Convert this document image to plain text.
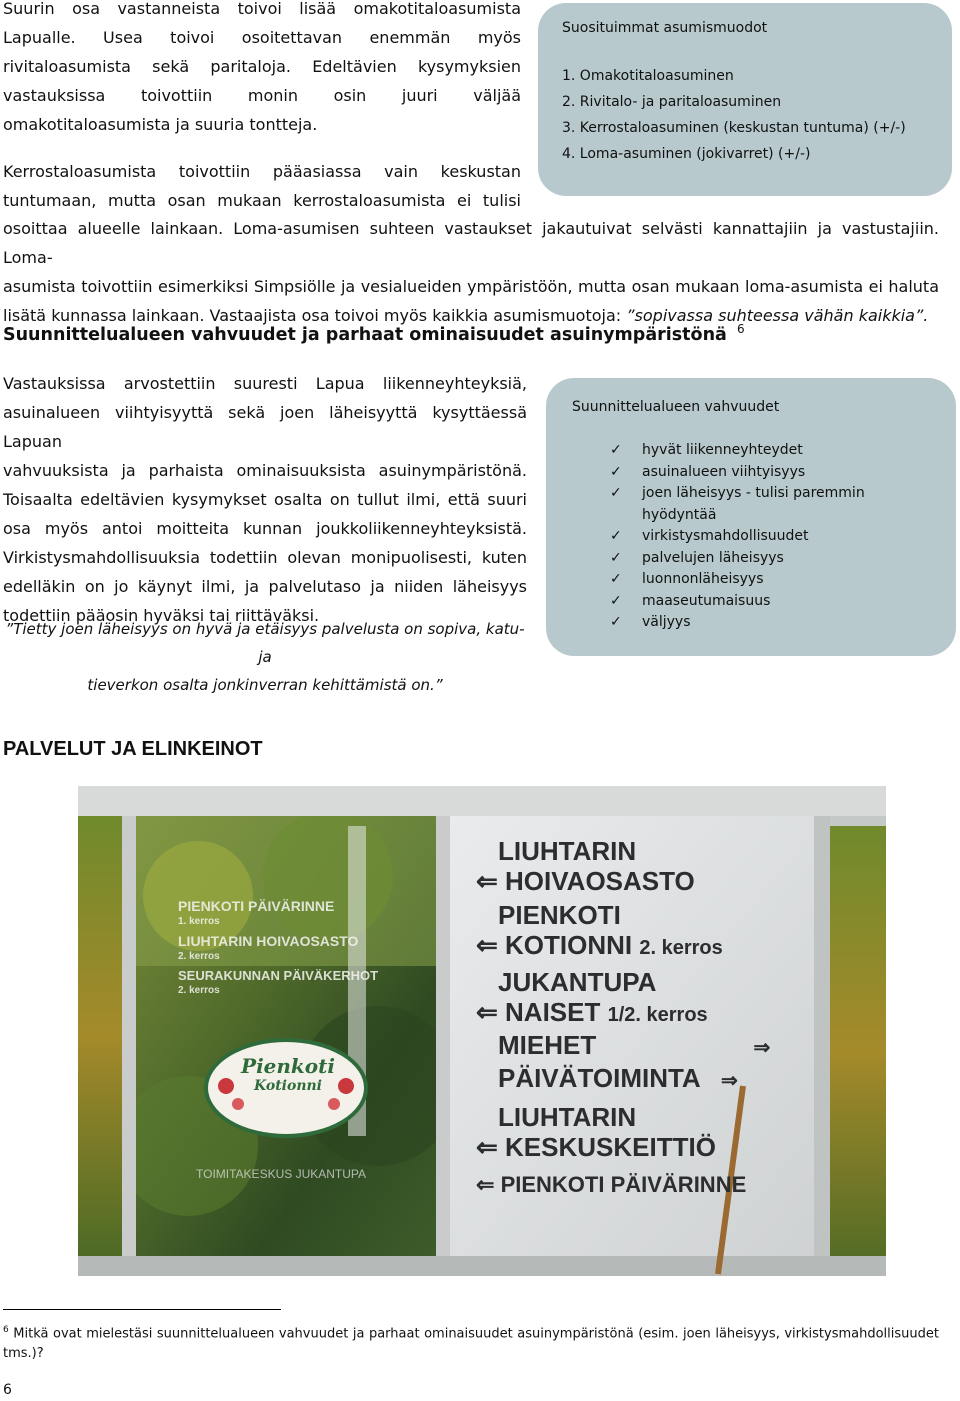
Suurin osa vastanneista toivoi lisää omakotitaloasumista
Lapualle. Usea toivoi osoitettavan enemmän myös
rivitaloasumista sekä paritaloja. Edeltävien kysymyksien
vastauksissa toivottiin monin osin juuri väljää
omakotitaloasumista ja suuria tontteja.
Kerrostaloasumista toivottiin pääasiassa vain keskustan
tuntumaan, mutta osan mukaan kerrostaloasumista ei tulisi
osoittaa alueelle lainkaan. Loma-asumisen suhteen vastaukset jakautuivat selvästi kannattajiin ja vastustajiin. Loma-
asumista toivottiin esimerkiksi Simpsiölle ja vesialueiden ympäristöön, mutta osan mukaan loma-asumista ei haluta
lisätä kunnassa lainkaan. Vastaajista osa toivoi myös kaikkia asumismuotoja: ”sopivassa suhteessa vähän kaikkia”.
Suosituimmat asumismuodot
1. Omakotitaloasuminen
2. Rivitalo- ja paritaloasuminen
3. Kerrostaloasuminen (keskustan tuntuma) (+/-)
4. Loma-asuminen (jokivarret) (+/-)
Suunnittelualueen vahvuudet ja parhaat ominaisuudet asuinympäristönä $^6$
Vastauksissa arvostettiin suuresti Lapua liikenneyhteyksiä,
asuinalueen viihtyisyyttä sekä joen läheisyyttä kysyttäessä Lapuan
vahvuuksista ja parhaista ominaisuuksista asuinympäristönä.
Toisaalta edeltävien kysymykset osalta on tullut ilmi, että suuri
osa myös antoi moitteita kunnan joukkoliikenneyhteyksistä.
Virkistysmahdollisuuksia todettiin olevan monipuolisesti, kuten
edelläkin on jo käynyt ilmi, ja palvelutaso ja niiden läheisyys
todettiin pääosin hyväksi tai riittäväksi.
”Tietty joen läheisyys on hyvä ja etäisyys palvelusta on sopiva, katu- ja
tieverkon osalta jonkinverran kehittämistä on.”
Suunnittelualueen vahvuudet
✓ hyvät liikenneyhteydet
✓ asuinalueen viihtyisyys
✓ joen läheisyys - tulisi paremmin hyödyntää
✓ virkistysmahdollisuudet
✓ palvelujen läheisyys
✓ luonnonläheisyys
✓ maaseutumaisuus
✓ väljyys
PALVELUT JA ELINKEINOT
PIENKOTI PÄIVÄRINNE
1. kerros
LIUHTARIN HOIVAOSASTO
2. kerros
SEURAKUNNAN PÄIVÄKERHOT
2. kerros
Pienkoti
Kotionni
TOIMITAKESKUS JUKANTUPA
LIUHTARIN
⇐ HOIVAOSASTO
PIENKOTI
⇐ KOTIONNI 2. kerros
JUKANTUPA
⇐ NAISET 1/2. kerros
MIEHET	⇒
PÄIVÄTOIMINTA ⇒
LIUHTARIN
⇐ KESKUSKEITTIÖ
⇐ PIENKOTI PÄIVÄRINNE
$^6$ Mitkä ovat mielestäsi suunnittelualueen vahvuudet ja parhaat ominaisuudet asuinympäristönä (esim. joen läheisyys, virkistysmahdollisuudet tms.)?
6
